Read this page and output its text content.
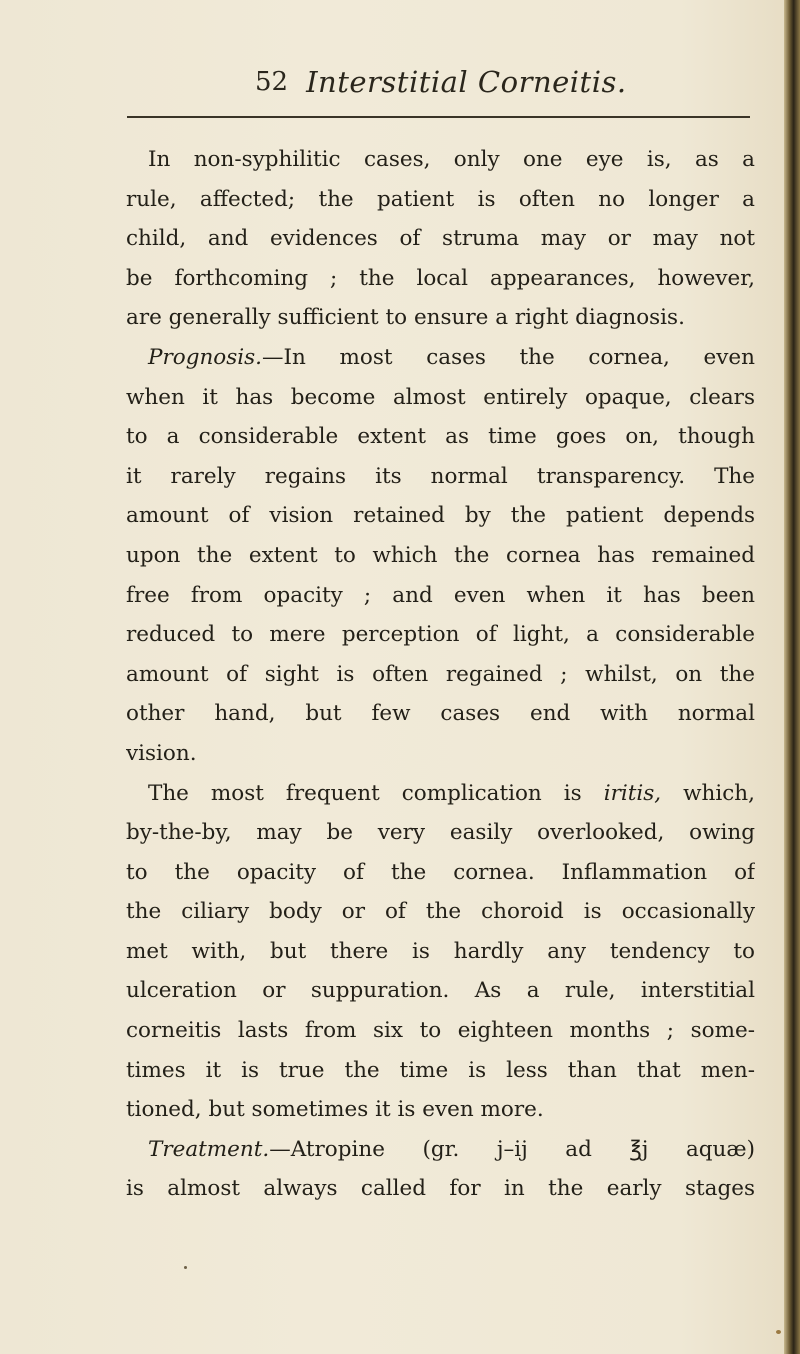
52 Interstitial Corneitis.
In non-syphilitic cases, only one eye is, as a
rule, affected; the patient is often no longer a
child, and evidences of struma may or may not
be forthcoming ; the local appearances, however,
are generally sufficient to ensure a right diagnosis.
Prognosis.—In most cases the cornea, even
when it has become almost entirely opaque, clears
to a considerable extent as time goes on, though
it rarely regains its normal transparency. The
amount of vision retained by the patient depends
upon the extent to which the cornea has remained
free from opacity ; and even when it has been
reduced to mere perception of light, a considerable
amount of sight is often regained ; whilst, on the
other hand, but few cases end with normal
vision.
The most frequent complication is iritis, which,
by-the-by, may be very easily overlooked, owing
to the opacity of the cornea. Inflammation of
the ciliary body or of the choroid is occasionally
met with, but there is hardly any tendency to
ulceration or suppuration. As a rule, interstitial
corneitis lasts from six to eighteen months ; some-
times it is true the time is less than that men-
tioned, but sometimes it is even more.
Treatment.—Atropine (gr. j–ij ad ℥j aquæ)
is almost always called for in the early stages
